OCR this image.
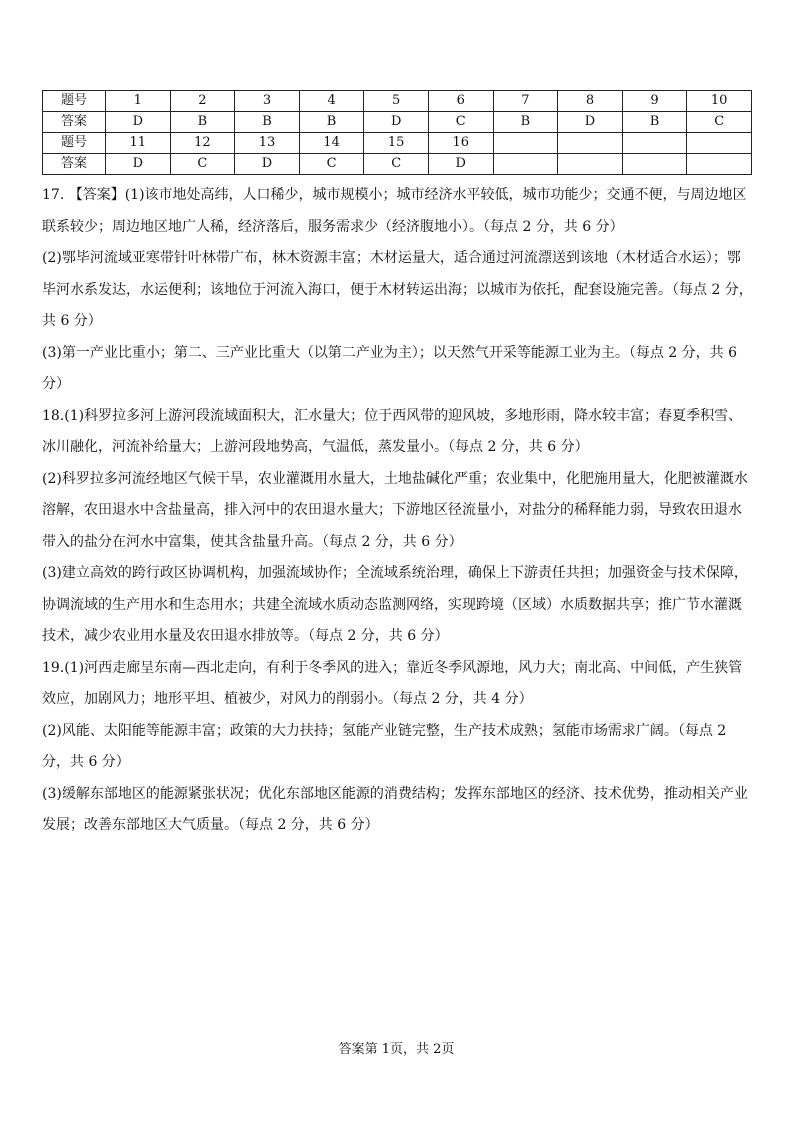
题号	1	2	3	4	5	6	7	8	9	10
答案	D	B	B	B	D	C	B	D	B	C
题号	11	12	13	14	15	16				
答案	D	C	D	C	C	D				

17. 【答案】(1)该市地处高纬，人口稀少，城市规模小；城市经济水平较低，城市功能少；交通不便，与周边地区联系较少；周边地区地广人稀，经济落后，服务需求少（经济腹地小）。（每点 2 分，共 6 分）

(2)鄂毕河流域亚寒带针叶林带广布，林木资源丰富；木材运量大，适合通过河流漂送到该地（木材适合水运）；鄂毕河水系发达，水运便利；该地位于河流入海口，便于木材转运出海；以城市为依托，配套设施完善。（每点 2 分，共 6 分）

(3)第一产业比重小；第二、三产业比重大（以第二产业为主）；以天然气开采等能源工业为主。（每点 2 分，共 6 分）

18.(1)科罗拉多河上游河段流域面积大，汇水量大；位于西风带的迎风坡，多地形雨，降水较丰富；春夏季积雪、冰川融化，河流补给量大；上游河段地势高，气温低，蒸发量小。（每点 2 分，共 6 分）

(2)科罗拉多河流经地区气候干旱，农业灌溉用水量大，土地盐碱化严重；农业集中，化肥施用量大，化肥被灌溉水溶解，农田退水中含盐量高，排入河中的农田退水量大；下游地区径流量小，对盐分的稀释能力弱，导致农田退水带入的盐分在河水中富集，使其含盐量升高。（每点 2 分，共 6 分）

(3)建立高效的跨行政区协调机构，加强流域协作；全流域系统治理，确保上下游责任共担；加强资金与技术保障，协调流域的生产用水和生态用水；共建全流域水质动态监测网络，实现跨境（区域）水质数据共享；推广节水灌溉技术，减少农业用水量及农田退水排放等。（每点 2 分，共 6 分）

19.(1)河西走廊呈东南—西北走向，有利于冬季风的进入；靠近冬季风源地，风力大；南北高、中间低，产生狭管效应，加剧风力；地形平坦、植被少，对风力的削弱小。（每点 2 分，共 4 分）

(2)风能、太阳能等能源丰富；政策的大力扶持；氢能产业链完整，生产技术成熟；氢能市场需求广阔。（每点 2 分，共 6 分）

(3)缓解东部地区的能源紧张状况；优化东部地区能源的消费结构；发挥东部地区的经济、技术优势，推动相关产业发展；改善东部地区大气质量。（每点 2 分，共 6 分）

答案第 1页，共 2页
